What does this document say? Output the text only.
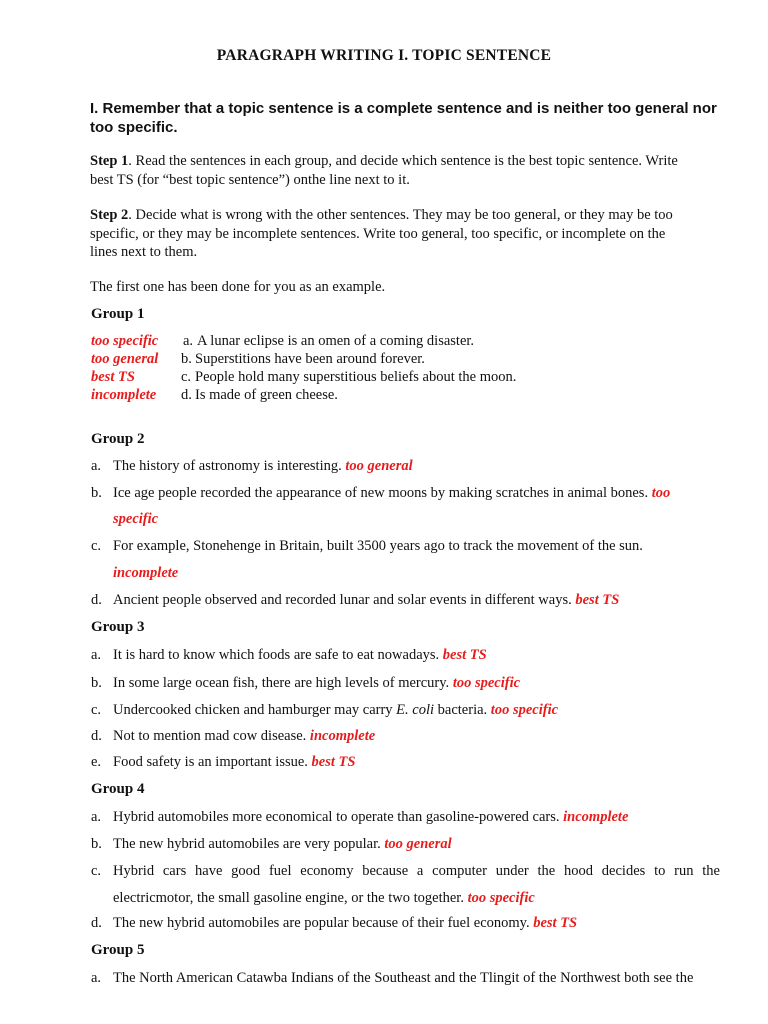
PARAGRAPH WRITING I. TOPIC SENTENCE
I. Remember that a topic sentence is a complete sentence and is neither too general nor
too specific.
Step 1. Read the sentences in each group, and decide which sentence is the best topic sentence. Write
best TS (for “best topic sentence”) onthe line next to it.
Step 2. Decide what is wrong with the other sentences. They may be too general, or they may be too
specific, or they may be incomplete sentences. Write too general, too specific, or incomplete on the
lines next to them.
The first one has been done for you as an example.
Group 1
too specific a. A lunar eclipse is an omen of a coming disaster.
too general b. Superstitions have been around forever.
best TS	c. People hold many superstitious beliefs about the moon.
incomplete d. Is made of green cheese.
Group 2
a. The history of astronomy is interesting. too general
b. Ice age people recorded the appearance of new moons by making scratches in animal bones. too
specific
c. For example, Stonehenge in Britain, built 3500 years ago to track the movement of the sun.
incomplete
d. Ancient people observed and recorded lunar and solar events in different ways. best TS
Group 3
a. It is hard to know which foods are safe to eat nowadays. best TS
b. In some large ocean fish, there are high levels of mercury. too specific
c. Undercooked chicken and hamburger may carry E. coli bacteria. too specific
d. Not to mention mad cow disease. incomplete
e. Food safety is an important issue. best TS
Group 4
a. Hybrid automobiles more economical to operate than gasoline-powered cars. incomplete
b. The new hybrid automobiles are very popular. too general
c. Hybrid cars have good fuel economy because a computer under the hood decides to run the
electricmotor, the small gasoline engine, or the two together. too specific
d. The new hybrid automobiles are popular because of their fuel economy. best TS
Group 5
a. The North American Catawba Indians of the Southeast and the Tlingit of the Northwest both see the
